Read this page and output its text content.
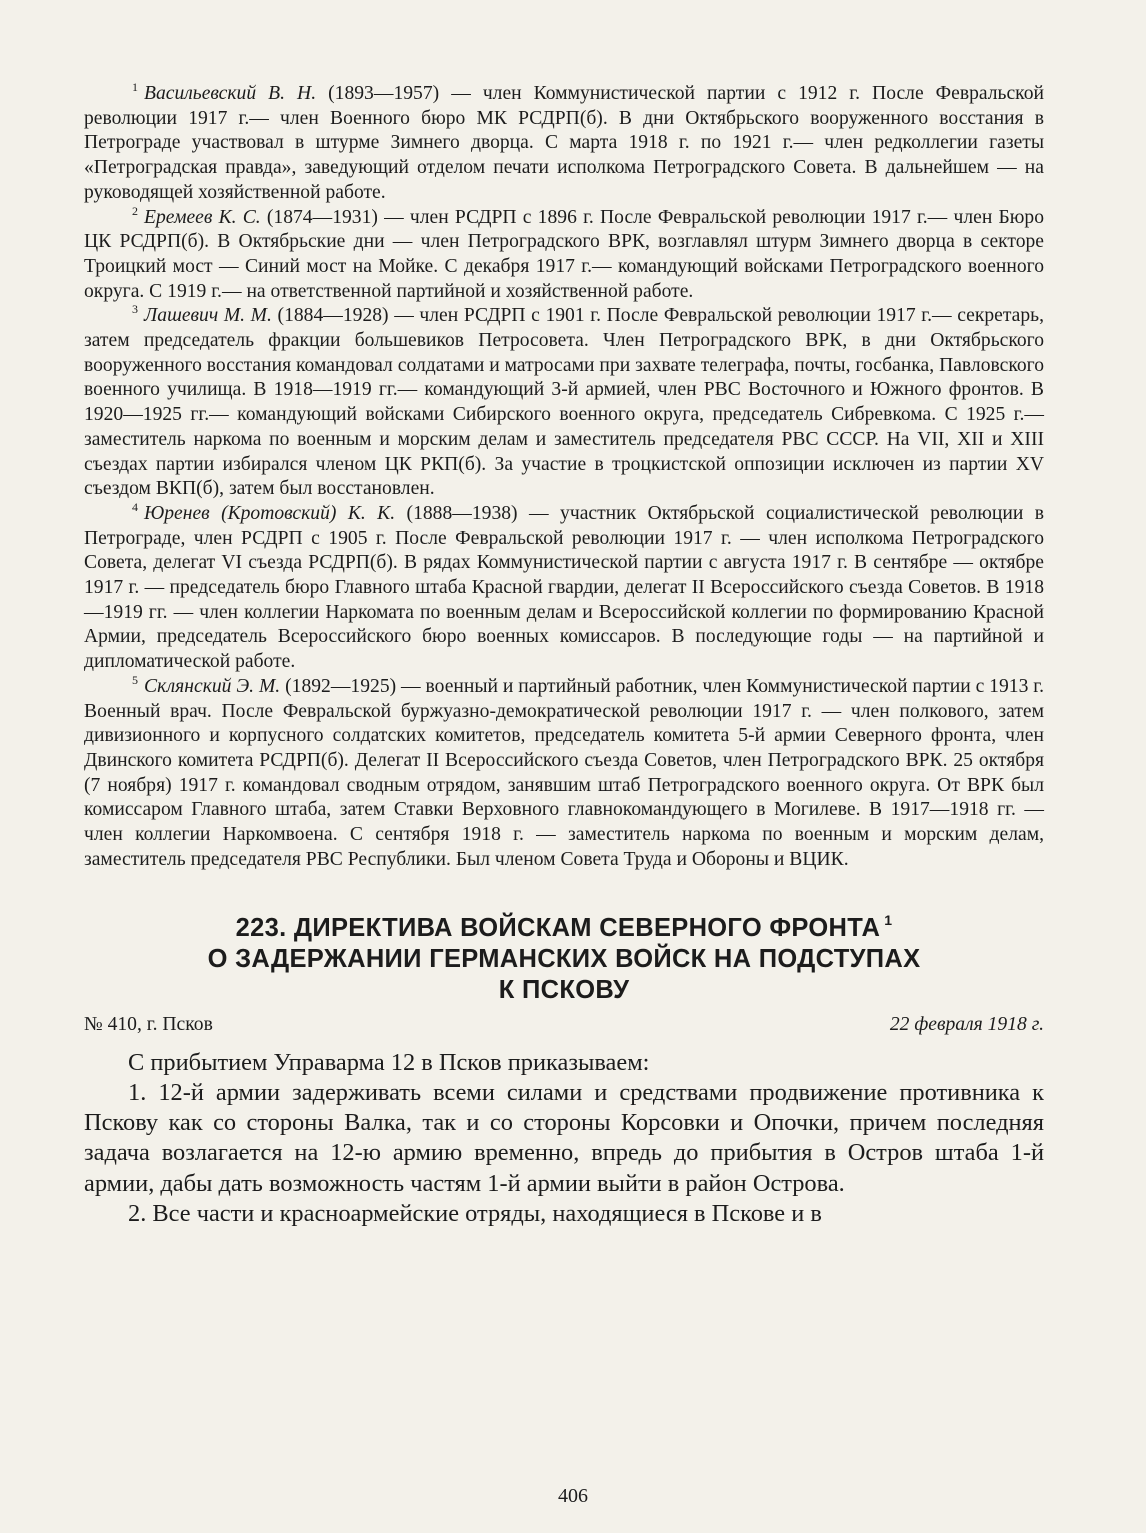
$^1$ Васильевский В. Н. (1893—1957) — член Коммунистической партии с 1912 г. После Февральской революции 1917 г.— член Военного бюро МК РСДРП(б). В дни Октябрьского вооруженного восстания в Петрограде участвовал в штурме Зимнего дворца. С марта 1918 г. по 1921 г.— член редколлегии газеты «Петроградская правда», заведующий отделом печати исполкома Петроградского Совета. В дальнейшем — на руководящей хозяйственной работе.

$^2$ Еремеев К. С. (1874—1931) — член РСДРП с 1896 г. После Февральской революции 1917 г.— член Бюро ЦК РСДРП(б). В Октябрьские дни — член Петроградского ВРК, возглавлял штурм Зимнего дворца в секторе Троицкий мост — Синий мост на Мойке. С декабря 1917 г.— командующий войсками Петроградского военного округа. С 1919 г.— на ответственной партийной и хозяйственной работе.

$^3$ Лашевич М. М. (1884—1928) — член РСДРП с 1901 г. После Февральской революции 1917 г.— секретарь, затем председатель фракции большевиков Петросовета. Член Петроградского ВРК, в дни Октябрьского вооруженного восстания командовал солдатами и матросами при захвате телеграфа, почты, госбанка, Павловского военного училища. В 1918—1919 гг.— командующий 3-й армией, член РВС Восточного и Южного фронтов. В 1920—1925 гг.— командующий войсками Сибирского военного округа, председатель Сибревкома. С 1925 г.— заместитель наркома по военным и морским делам и заместитель председателя РВС СССР. На VII, XII и XIII съездах партии избирался членом ЦК РКП(б). За участие в троцкистской оппозиции исключен из партии XV съездом ВКП(б), затем был восстановлен.

$^4$ Юренев (Кротовский) К. К. (1888—1938) — участник Октябрьской социалистической революции в Петрограде, член РСДРП с 1905 г. После Февральской революции 1917 г. — член исполкома Петроградского Совета, делегат VI съезда РСДРП(б). В рядах Коммунистической партии с августа 1917 г. В сентябре — октябре 1917 г. — председатель бюро Главного штаба Красной гвардии, делегат II Всероссийского съезда Советов. В 1918—1919 гг. — член коллегии Наркомата по военным делам и Всероссийской коллегии по формированию Красной Армии, председатель Всероссийского бюро военных комиссаров. В последующие годы — на партийной и дипломатической работе.

$^5$ Склянский Э. М. (1892—1925) — военный и партийный работник, член Коммунистической партии с 1913 г. Военный врач. После Февральской буржуазно-демократической революции 1917 г. — член полкового, затем дивизионного и корпусного солдатских комитетов, председатель комитета 5-й армии Северного фронта, член Двинского комитета РСДРП(б). Делегат II Всероссийского съезда Советов, член Петроградского ВРК. 25 октября (7 ноября) 1917 г. командовал сводным отрядом, занявшим штаб Петроградского военного округа. От ВРК был комиссаром Главного штаба, затем Ставки Верховного главнокомандующего в Могилеве. В 1917—1918 гг. — член коллегии Наркомвоена. С сентября 1918 г. — заместитель наркома по военным и морским делам, заместитель председателя РВС Республики. Был членом Совета Труда и Обороны и ВЦИК.

223. ДИРЕКТИВА ВОЙСКАМ СЕВЕРНОГО ФРОНТА $^1$
О ЗАДЕРЖАНИИ ГЕРМАНСКИХ ВОЙСК НА ПОДСТУПАХ
К ПСКОВУ
№ 410, г. Псков	22 февраля 1918 г.

С прибытием Управарма 12 в Псков приказываем:

1. 12-й армии задерживать всеми силами и средствами продвижение противника к Пскову как со стороны Валка, так и со стороны Корсовки и Опочки, причем последняя задача возлагается на 12-ю армию временно, впредь до прибытия в Остров штаба 1-й армии, дабы дать возможность частям 1-й армии выйти в район Острова.

2. Все части и красноармейские отряды, находящиеся в Пскове и в

406
